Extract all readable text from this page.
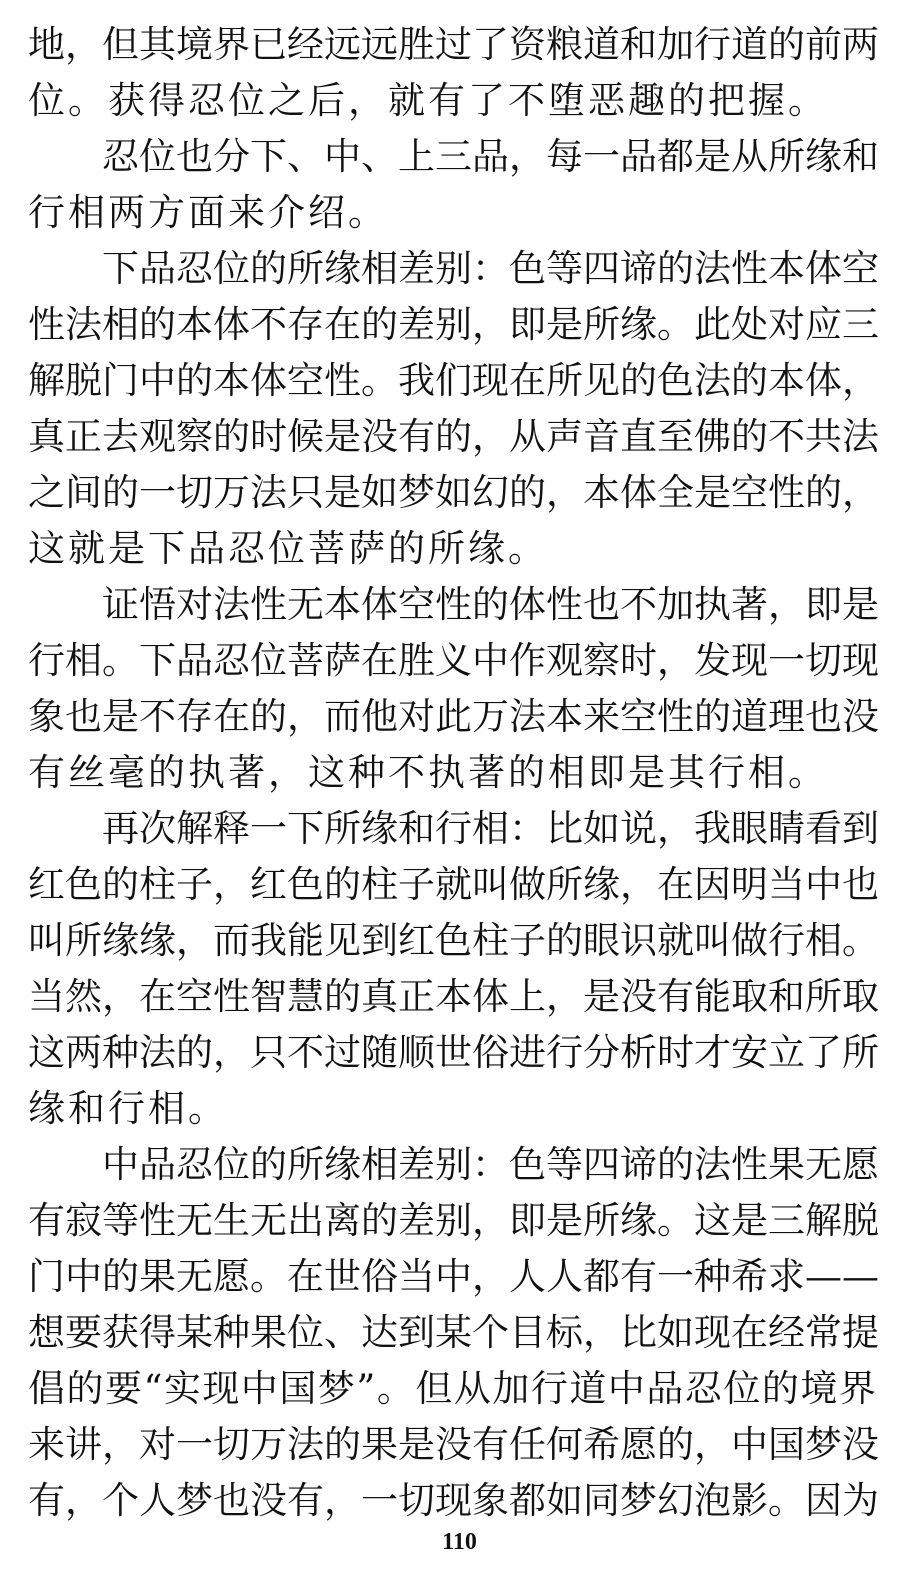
地，但其境界已经远远胜过了资粮道和加行道的前两
位。获得忍位之后，就有了不堕恶趣的把握。
忍位也分下、中、上三品，每一品都是从所缘和
行相两方面来介绍。
下品忍位的所缘相差别：色等四谛的法性本体空
性法相的本体不存在的差别，即是所缘。此处对应三
解脱门中的本体空性。我们现在所见的色法的本体，
真正去观察的时候是没有的，从声音直至佛的不共法
之间的一切万法只是如梦如幻的，本体全是空性的，
这就是下品忍位菩萨的所缘。
证悟对法性无本体空性的体性也不加执著，即是
行相。下品忍位菩萨在胜义中作观察时，发现一切现
象也是不存在的，而他对此万法本来空性的道理也没
有丝毫的执著，这种不执著的相即是其行相。
再次解释一下所缘和行相：比如说，我眼睛看到
红色的柱子，红色的柱子就叫做所缘，在因明当中也
叫所缘缘，而我能见到红色柱子的眼识就叫做行相。
当然，在空性智慧的真正本体上，是没有能取和所取
这两种法的，只不过随顺世俗进行分析时才安立了所
缘和行相。
中品忍位的所缘相差别：色等四谛的法性果无愿
有寂等性无生无出离的差别，即是所缘。这是三解脱
门中的果无愿。在世俗当中，人人都有一种希求——
想要获得某种果位、达到某个目标，比如现在经常提
倡的要“实现中国梦”。但从加行道中品忍位的境界
来讲，对一切万法的果是没有任何希愿的，中国梦没
有，个人梦也没有，一切现象都如同梦幻泡影。因为
110
